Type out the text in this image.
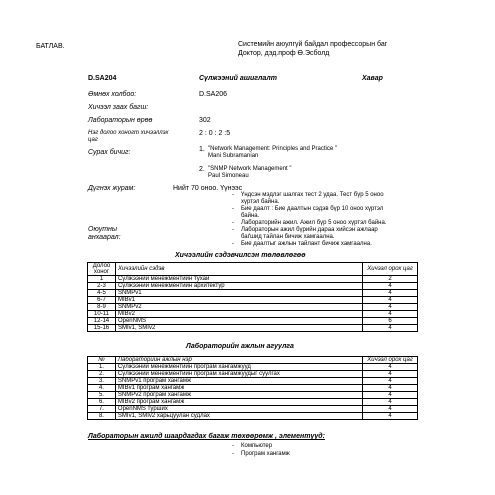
БАТЛАВ.	Системийн аюулгүй байдал профессорын баг
Доктор, дэд.проф Ө.Эсболд
D.SA204	Сүлжээний ашиглалт	Хавар
Өмнөх холбоо:	D.SA206
Хичээл заах багш:
Лабораторын өрөө	302
Нэг долоо хоногт хичээллэх цаг
2 : 0 : 2 :5
Сурах бичиг:	1. "Network Management: Principles and Practice "
Mani Subramanian
2. "SNMP Network Management "
Paul Simoneau
Дүгнэх журам:	Нийт 70 оноо. Үүнээс
- Үндсэн мэдлэг шалгах тест 2 удаа. Тест бүр 5 оноо
хүртэл байна.
- Бие даалт : Бие даалтын сэдэв бүр 10 оноо хүртэл
байна.
- Лабораторийн ажил. Ажил бүр 5 оноо хүртэл байна.
Оюутны
анхаарал:
- Лабораторын ажил бүрийн дараа хийсэн ажлаар
баґшид тайлан бичиж хамгаална.
- Бие даалтыг ажлын тайлант бичиж хамгаална.
Хичээлийн сэдэвчилсэн төлөвлөгөө
Долоо хоног	Хичээлийн сэдэв	Хичээл орох цаг
1	Сүлжээний менежментийн тухай	2
2-3	Сүлжээний менежментийн архитектур	4
4-5	SNMPv1	4
6-7	MIBv1	4
8-9	SNMPv2	4
10-11	MIBv2	4
12-14	OpenNMS	6
15-16	SMIv1, SMIv2	4
Лабораторийн ажлын агуулга
№	Лабораторийн ажлын нэр	Хичээл орох цаг
1.	Сүлжээний менежментийн програм хангамжууд	4
2.	Сүлжээний менежментийн програм хангамжуудыг суулгах	4
3.	SNMPv1 програм хангамж	4
4.	MIBv1 програм хангамж	4
5.	SNMPv2 програм хангамж	4
6.	MIBv2 програм хангамж	4
7.	OpenNMS турших	4
8.	SMIv1, SMIv2 харьцуулан судлах	4
Лабораторын ажилд шаардагдах багаж төхөөрөмж , элементүүд:
- Компьютер
- Програм хангамж
